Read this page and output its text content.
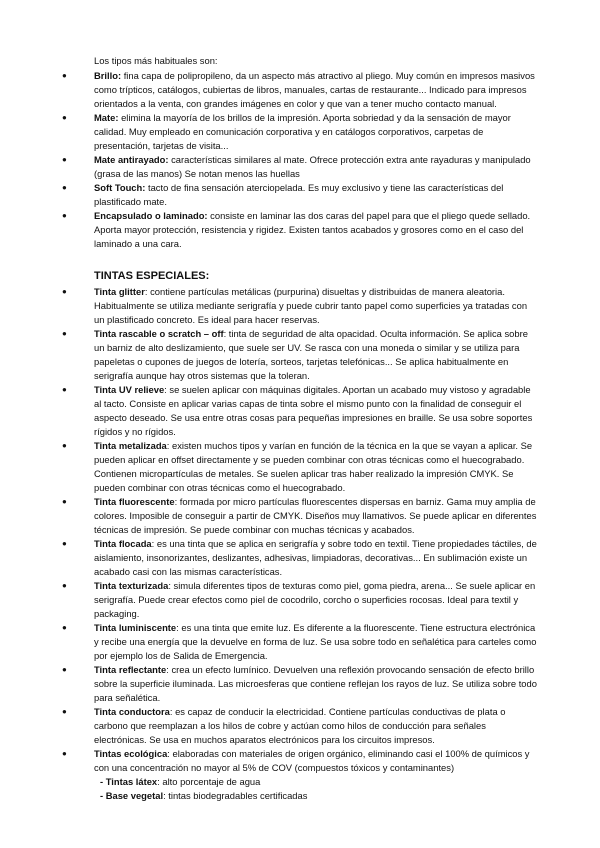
Los tipos más habituales son:

● Brillo: fina capa de polipropileno, da un aspecto más atractivo al pliego. Muy común en impresos masivos como trípticos, catálogos, cubiertas de libros, manuales, cartas de restaurante... Indicado para impresos orientados a la venta, con grandes imágenes en color y que van a tener mucho contacto manual.
● Mate: elimina la mayoría de los brillos de la impresión. Aporta sobriedad y da la sensación de mayor calidad. Muy empleado en comunicación corporativa y en catálogos corporativos, carpetas de presentación, tarjetas de visita...
● Mate antirayado: características similares al mate. Ofrece protección extra ante rayaduras y manipulado (grasa de las manos) Se notan menos las huellas
● Soft Touch: tacto de fina sensación aterciopelada. Es muy exclusivo y tiene las características del plastificado mate.
● Encapsulado o laminado: consiste en laminar las dos caras del papel para que el pliego quede sellado. Aporta mayor protección, resistencia y rigidez. Existen tantos acabados y grosores como en el caso del laminado a una cara.
TINTAS ESPECIALES:
● Tinta glitter: contiene partículas metálicas (purpurina) disueltas y distribuidas de manera aleatoria. Habitualmente se utiliza mediante serigrafía y puede cubrir tanto papel como superficies ya tratadas con un plastificado concreto. Es ideal para hacer reservas.
● Tinta rascable o scratch – off: tinta de seguridad de alta opacidad. Oculta información. Se aplica sobre un barniz de alto deslizamiento, que suele ser UV. Se rasca con una moneda o similar y se utiliza para papeletas o cupones de juegos de lotería, sorteos, tarjetas telefónicas... Se aplica habitualmente en serigrafía aunque hay otros sistemas que la toleran.
● Tinta UV relieve: se suelen aplicar con máquinas digitales. Aportan un acabado muy vistoso y agradable al tacto. Consiste en aplicar varias capas de tinta sobre el mismo punto con la finalidad de conseguir el aspecto deseado. Se usa entre otras cosas para pequeñas impresiones en braille. Se usa sobre soportes rígidos y no rígidos.
● Tinta metalizada: existen muchos tipos y varían en función de la técnica en la que se vayan a aplicar. Se pueden aplicar en offset directamente y se pueden combinar con otras técnicas como el huecograbado. Contienen micropartículas de metales. Se suelen aplicar tras haber realizado la impresión CMYK. Se pueden combinar con otras técnicas como el huecograbado.
● Tinta fluorescente: formada por micro partículas fluorescentes dispersas en barniz. Gama muy amplia de colores. Imposible de conseguir a partir de CMYK. Diseños muy llamativos. Se puede aplicar en diferentes técnicas de impresión. Se puede combinar con muchas técnicas y acabados.
● Tinta flocada: es una tinta que se aplica en serigrafía y sobre todo en textil. Tiene propiedades táctiles, de aislamiento, insonorizantes, deslizantes, adhesivas, limpiadoras, decorativas... En sublimación existe un acabado casi con las mismas características.
● Tinta texturizada: simula diferentes tipos de texturas como piel, goma piedra, arena... Se suele aplicar en serigrafía. Puede crear efectos como piel de cocodrilo, corcho o superficies rocosas. Ideal para textil y packaging.
● Tinta luminiscente: es una tinta que emite luz. Es diferente a la fluorescente. Tiene estructura electrónica y recibe una energía que la devuelve en forma de luz. Se usa sobre todo en señalética para carteles como por ejemplo los de Salida de Emergencia.
● Tinta reflectante: crea un efecto lumínico. Devuelven una reflexión provocando sensación de efecto brillo sobre la superficie iluminada. Las microesferas que contiene reflejan los rayos de luz. Se utiliza sobre todo para señalética.
● Tinta conductora: es capaz de conducir la electricidad. Contiene partículas conductivas de plata o carbono que reemplazan a los hilos de cobre y actúan como hilos de conducción para señales electrónicas. Se usa en muchos aparatos electrónicos para los circuitos impresos.
● Tintas ecológica: elaboradas con materiales de origen orgánico, eliminando casi el 100% de químicos y con una concentración no mayor al 5% de COV (compuestos tóxicos y contaminantes)
- Tintas látex: alto porcentaje de agua
- Base vegetal: tintas biodegradables certificadas
